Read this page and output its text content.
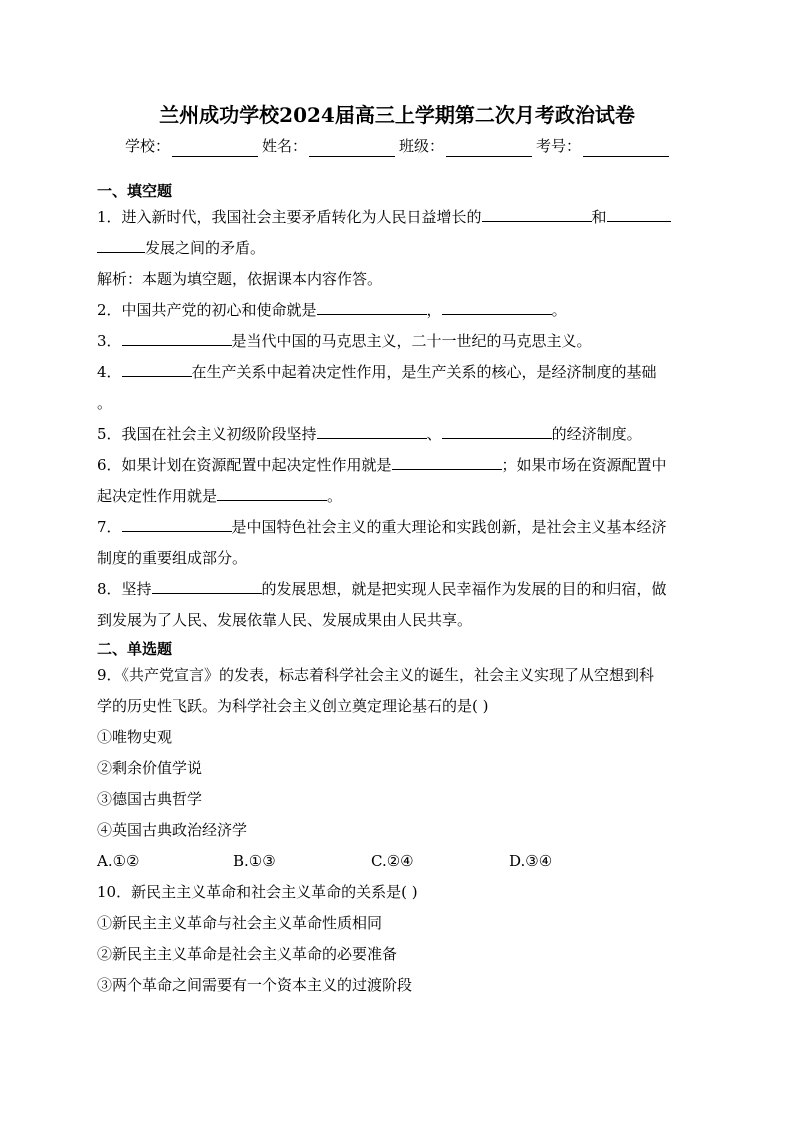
兰州成功学校2024届高三上学期第二次月考政治试卷
学校：	姓名：	班级：	考号：
一、填空题
1．进入新时代，我国社会主要矛盾转化为人民日益增长的	和
发展之间的矛盾。
解析：本题为填空题，依据课本内容作答。
2．中国共产党的初心和使命就是	，	。
3．	是当代中国的马克思主义，二十一世纪的马克思主义。
4．	在生产关系中起着决定性作用，是生产关系的核心，是经济制度的基础
。
5．我国在社会主义初级阶段坚持	、	的经济制度。
6．如果计划在资源配置中起决定性作用就是	；如果市场在资源配置中
起决定性作用就是	。
7．	是中国特色社会主义的重大理论和实践创新，是社会主义基本经济
制度的重要组成部分。
8．坚持	的发展思想，就是把实现人民幸福作为发展的目的和归宿，做
到发展为了人民、发展依靠人民、发展成果由人民共享。
二、单选题
9．《共产党宣言》的发表，标志着科学社会主义的诞生，社会主义实现了从空想到科
学的历史性飞跃。为科学社会主义创立奠定理论基石的是( )
①唯物史观
②剩余价值学说
③德国古典哲学
④英国古典政治经济学
A.①②	B.①③	C.②④	D.③④
10．新民主主义革命和社会主义革命的关系是( )
①新民主主义革命与社会主义革命性质相同
②新民主主义革命是社会主义革命的必要准备
③两个革命之间需要有一个资本主义的过渡阶段
